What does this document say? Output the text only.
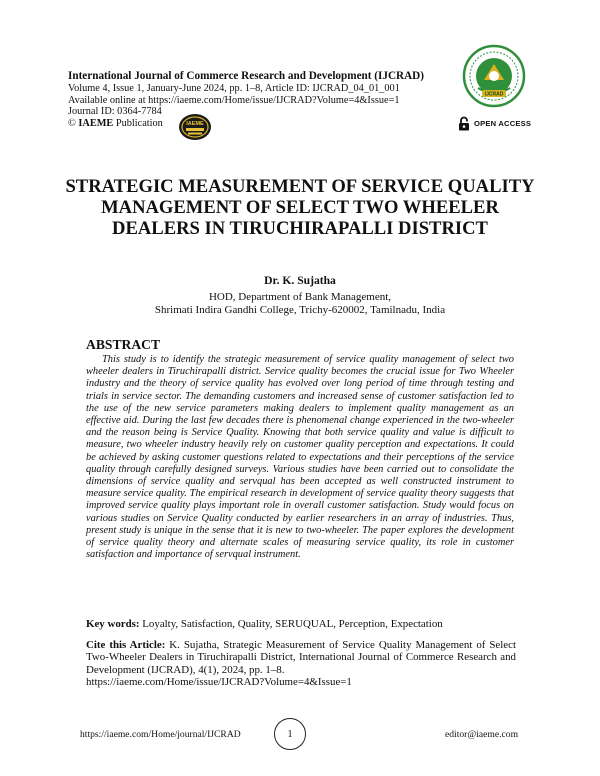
International Journal of Commerce Research and Development (IJCRAD)
Volume 4, Issue 1, January-June 2024, pp. 1–8, Article ID: IJCRAD_04_01_001
Available online at https://iaeme.com/Home/issue/IJCRAD?Volume=4&Issue=1
Journal ID: 0364-7784
© IAEME Publication	IAEME
IJCRAD
OPEN ACCESS
STRATEGIC MEASUREMENT OF SERVICE QUALITY MANAGEMENT OF SELECT TWO WHEELER DEALERS IN TIRUCHIRAPALLI DISTRICT
Dr. K. Sujatha
HOD, Department of Bank Management,
Shrimati Indira Gandhi College, Trichy-620002, Tamilnadu, India
ABSTRACT

This study is to identify the strategic measurement of service quality management of select two wheeler dealers in Tiruchirapalli district. Service quality becomes the crucial issue for Two Wheeler industry and the theory of service quality has evolved over long period of time through testing and trials in service sector. The demanding customers and increased sense of customer satisfaction led to the use of the new service parameters making dealers to implement quality management as an effective aid. During the last few decades there is phenomenal change experienced in the two-wheeler and the reason being is Service Quality. Knowing that both service quality and value is difficult to measure, two wheeler industry heavily rely on customer quality perception and expectations. It could be achieved by asking customer questions related to expectations and their perceptions of the service quality through carefully designed surveys. Various studies have been carried out to consolidate the dimensions of service quality and servqual has been accepted as well constructed instrument to measure service quality. The empirical research in development of service quality theory suggests that improved service quality plays important role in overall customer satisfaction. Study would focus on various studies on Service Quality conducted by earlier researchers in an array of industries. Thus, present study is unique in the sense that it is new to two-wheeler. The paper explores the development of service quality theory and alternate scales of measuring service quality, its role in customer satisfaction and importance of servqual instrument.

Key words: Loyalty, Satisfaction, Quality, SERUQUAL, Perception, Expectation
Cite this Article: K. Sujatha, Strategic Measurement of Service Quality Management of Select Two-Wheeler Dealers in Tiruchirapalli District, International Journal of Commerce Research and Development (IJCRAD), 4(1), 2024, pp. 1–8.
https://iaeme.com/Home/issue/IJCRAD?Volume=4&Issue=1
https://iaeme.com/Home/journal/IJCRAD	1	editor@iaeme.com
